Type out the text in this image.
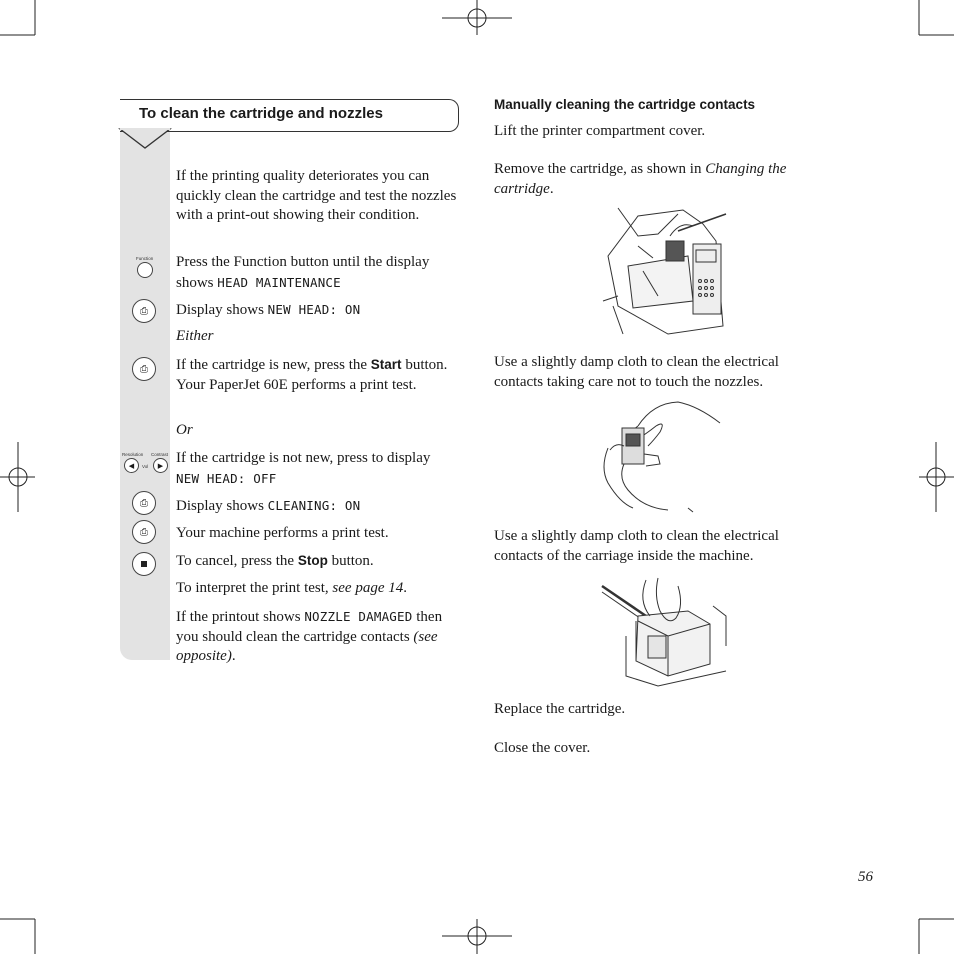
To clean the cartridge and nozzles
Function
⎙
⎙
Resolution Contrast
◀ Vol ▶
⎙
⎙
If the printing quality deteriorates you can quickly clean the cartridge and test the nozzles with a print-out showing their condition.
Press the Function button until the display shows HEAD MAINTENANCE
Display shows NEW HEAD: ON
Either
If the cartridge is new, press the Start button. Your PaperJet 60E performs a print test.
Or
If the cartridge is not new, press to display
NEW HEAD: OFF
Display shows CLEANING: ON
Your machine performs a print test.
To cancel, press the Stop button.
To interpret the print test, see page 14.
If the printout shows NOZZLE DAMAGED then you should clean the cartridge contacts (see opposite).
Manually cleaning the cartridge contacts
Lift the printer compartment cover.
Remove the cartridge, as shown in Changing the cartridge.
Use a slightly damp cloth to clean the electrical contacts taking care not to touch the nozzles.
Use a slightly damp cloth to clean the electrical contacts of the carriage inside the machine.
Replace the cartridge.
Close the cover.
56
